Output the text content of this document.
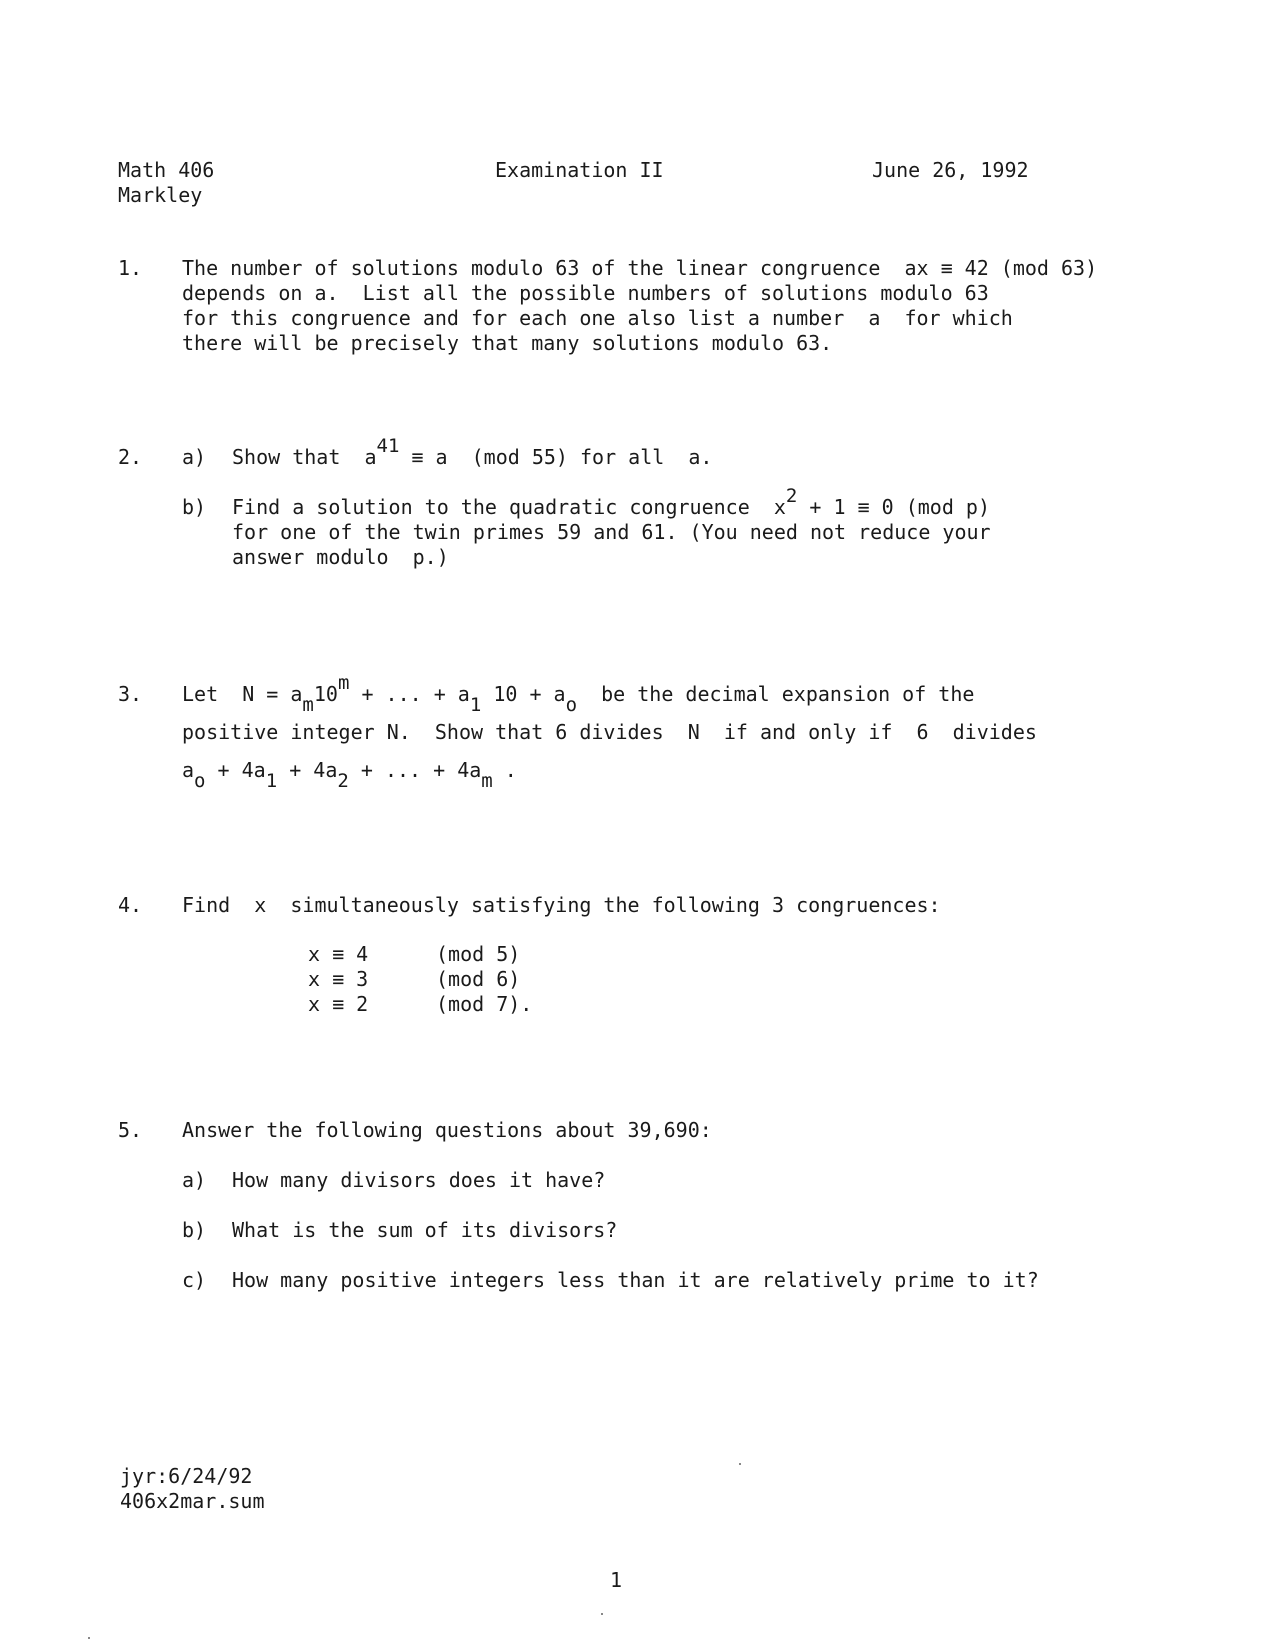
Math 406
Markley
Examination II	June 26, 1992
1. The number of solutions modulo 63 of the linear congruence  ax ≡ 42 (mod 63)
depends on a.  List all the possible numbers of solutions modulo 63
for this congruence and for each one also list a number  a  for which
there will be precisely that many solutions modulo 63.
2. a) Show that  a41 ≡ a  (mod 55) for all  a.
b) Find a solution to the quadratic congruence  x2 + 1 ≡ 0 (mod p)
for one of the twin primes 59 and 61. (You need not reduce your
answer modulo  p.)
3. Let  N = am10m + ... + a1 10 + ao  be the decimal expansion of the
positive integer N.  Show that 6 divides  N  if and only if  6  divides
ao + 4a1 + 4a2 + ... + 4am .
4. Find  x  simultaneously satisfying the following 3 congruences:
x ≡ 4	(mod 5)
x ≡ 3	(mod 6)
x ≡ 2	(mod 7).
5. Answer the following questions about 39,690:
a) How many divisors does it have?
b) What is the sum of its divisors?
c) How many positive integers less than it are relatively prime to it?
jyr:6/24/92
406x2mar.sum
1
